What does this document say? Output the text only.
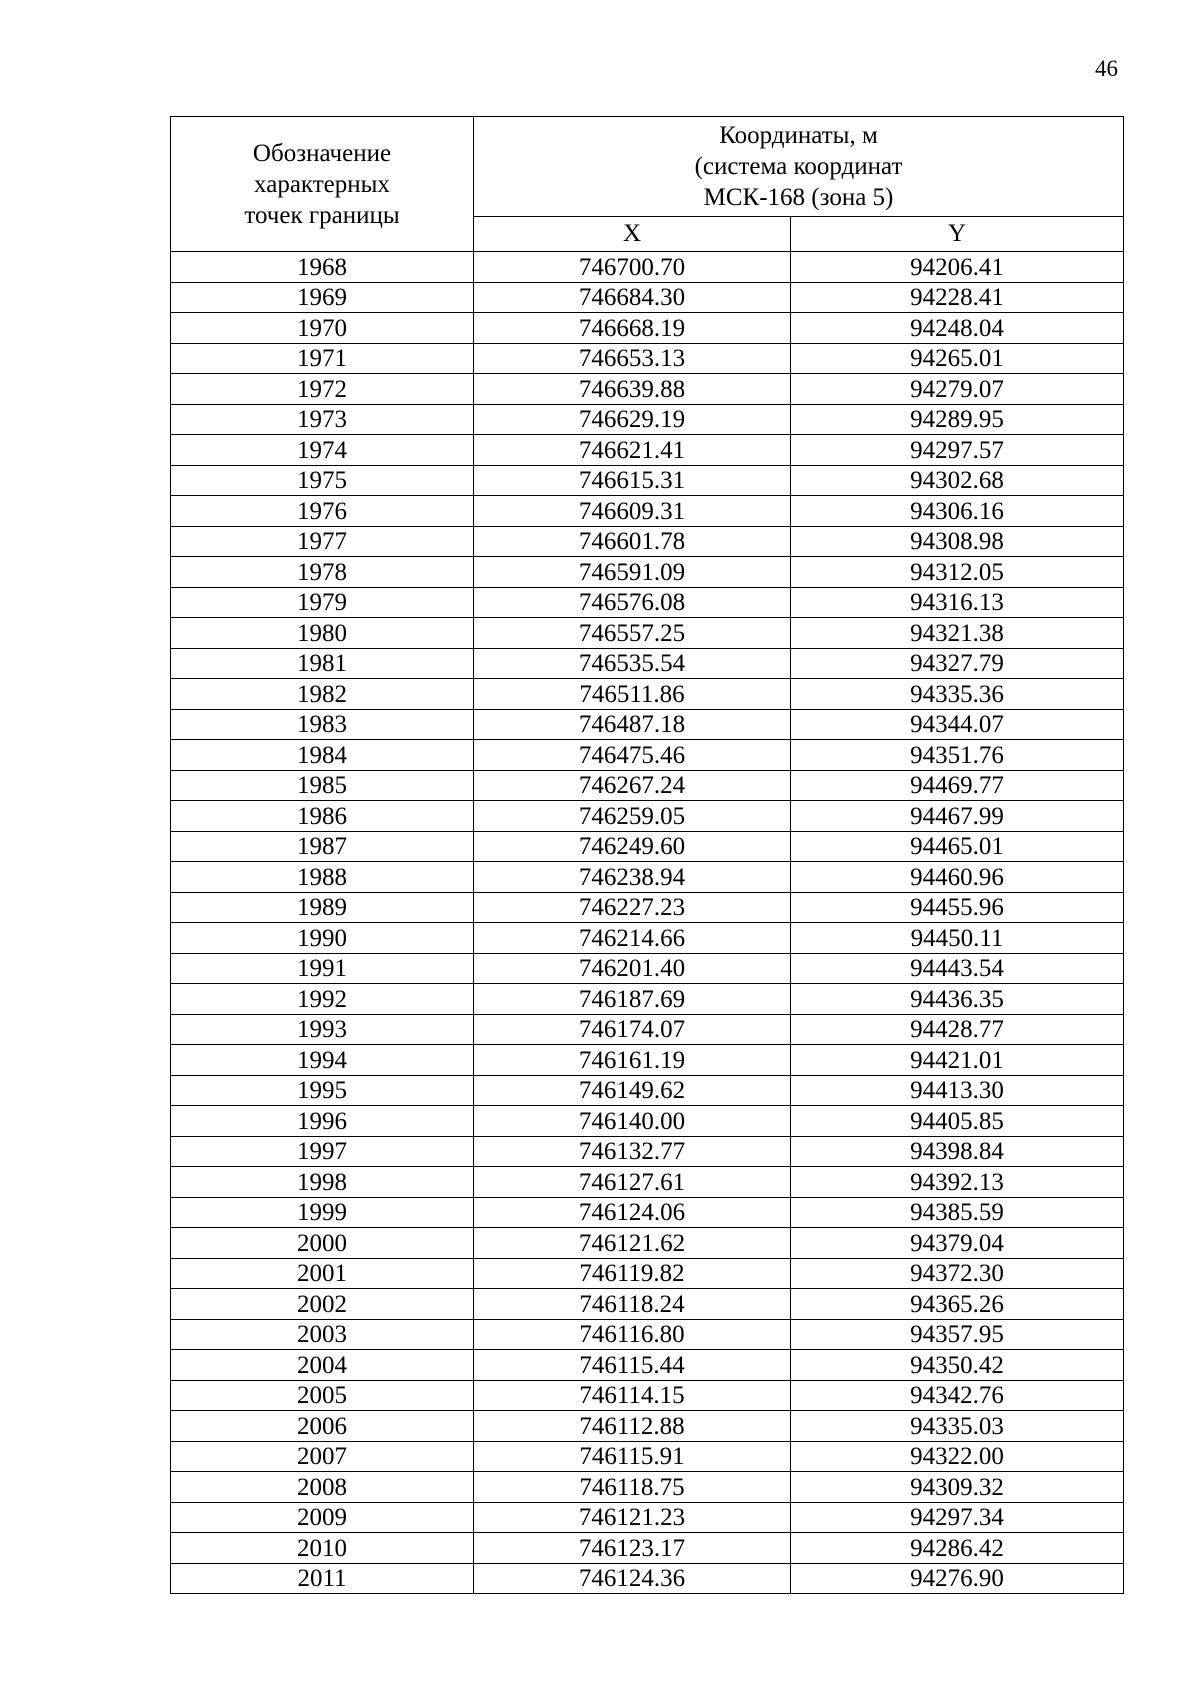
46
Обозначение
характерных
точек границы	Координаты, м
(система координат
МСК-168 (зона 5)	

	X	Y
1968	746700.70	94206.41
1969	746684.30	94228.41
1970	746668.19	94248.04
1971	746653.13	94265.01
1972	746639.88	94279.07
1973	746629.19	94289.95
1974	746621.41	94297.57
1975	746615.31	94302.68
1976	746609.31	94306.16
1977	746601.78	94308.98
1978	746591.09	94312.05
1979	746576.08	94316.13
1980	746557.25	94321.38
1981	746535.54	94327.79
1982	746511.86	94335.36
1983	746487.18	94344.07
1984	746475.46	94351.76
1985	746267.24	94469.77
1986	746259.05	94467.99
1987	746249.60	94465.01
1988	746238.94	94460.96
1989	746227.23	94455.96
1990	746214.66	94450.11
1991	746201.40	94443.54
1992	746187.69	94436.35
1993	746174.07	94428.77
1994	746161.19	94421.01
1995	746149.62	94413.30
1996	746140.00	94405.85
1997	746132.77	94398.84
1998	746127.61	94392.13
1999	746124.06	94385.59
2000	746121.62	94379.04
2001	746119.82	94372.30
2002	746118.24	94365.26
2003	746116.80	94357.95
2004	746115.44	94350.42
2005	746114.15	94342.76
2006	746112.88	94335.03
2007	746115.91	94322.00
2008	746118.75	94309.32
2009	746121.23	94297.34
2010	746123.17	94286.42
2011	746124.36	94276.90
